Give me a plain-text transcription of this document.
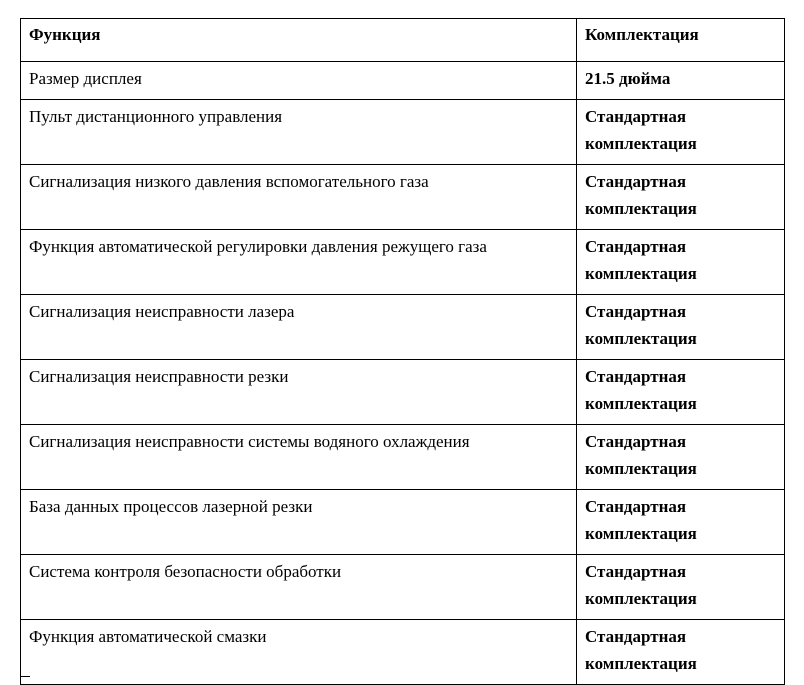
Функция	Комплектация
Размер дисплея	21.5 дюйма
Пульт дистанционного управления	Стандартная комплектация
Сигнализация низкого давления вспомогательного газа	Стандартная комплектация
Функция автоматической регулировки давления режущего газа	Стандартная комплектация
Сигнализация неисправности лазера	Стандартная комплектация
Сигнализация неисправности резки	Стандартная комплектация
Сигнализация неисправности системы водяного охлаждения	Стандартная комплектация
База данных процессов лазерной резки	Стандартная комплектация
Система контроля безопасности обработки	Стандартная комплектация
Функция автоматической смазки	Стандартная комплектация
